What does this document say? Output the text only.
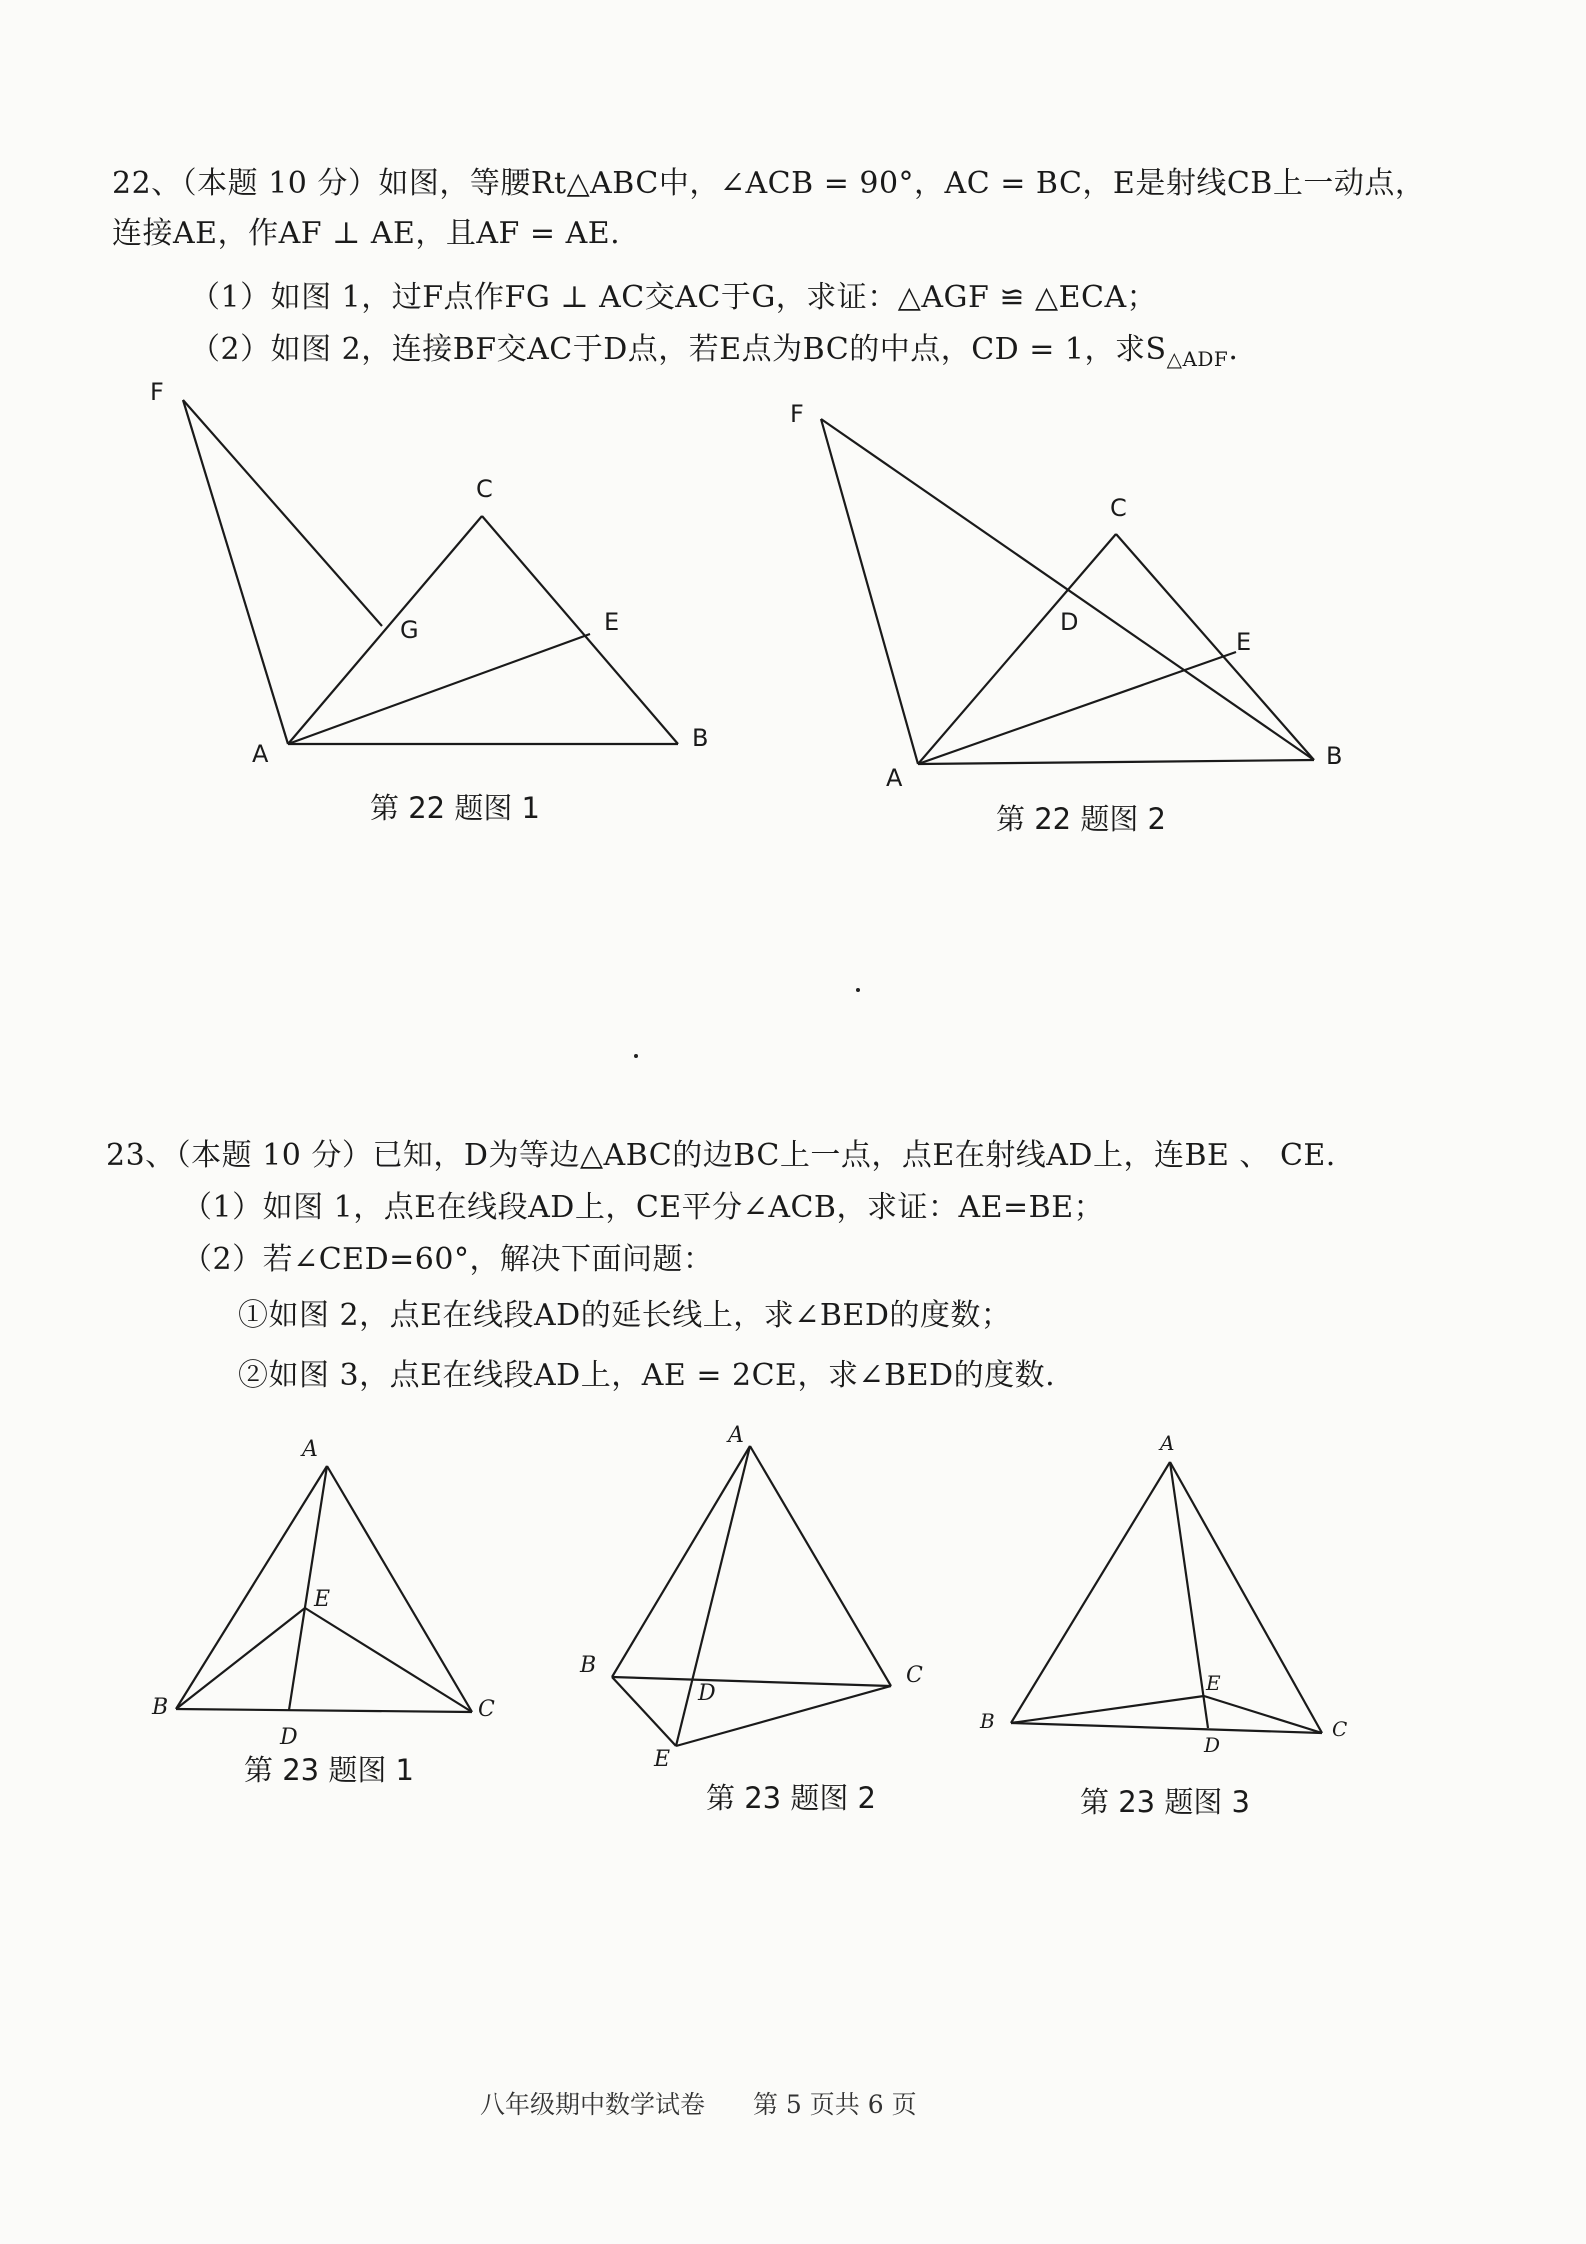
22、（本题 10 分）如图，等腰Rt△ABC中，∠ACB = 90°，AC = BC，E是射线CB上一动点，
连接AE，作AF ⊥ AE，且AF = AE.
（1）如图 1，过F点作FG ⊥ AC交AC于G，求证：△AGF ≌ △ECA；
（2）如图 2，连接BF交AC于D点，若E点为BC的中点，CD = 1，求$S_{\triangle ADF}$.
F
C
G	E
A
B
F
C
D
E
A
B
A
E
B
D
C
A
B
D
C
E
A
E
B
D
C
第 22 题图 1	第 22 题图 2
23、（本题 10 分）已知，D为等边△ABC的边BC上一点，点E在射线AD上，连BE 、 CE.
（1）如图 1，点E在线段AD上，CE平分∠ACB，求证：AE=BE；
（2）若∠CED=60°，解决下面问题：
①如图 2，点E在线段AD的延长线上，求∠BED的度数；
②如图 3，点E在线段AD上，AE = 2CE，求∠BED的度数.
第 23 题图 1
第 23 题图 2	第 23 题图 3
八年级期中数学试卷 第 5 页共 6 页
